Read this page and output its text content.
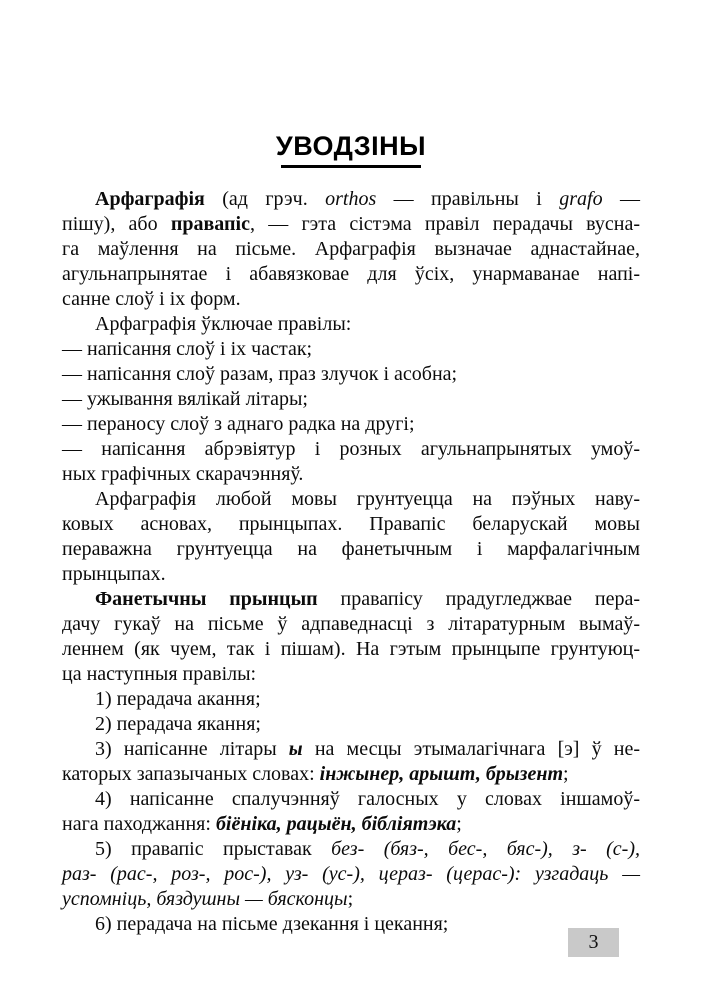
УВОДЗІНЫ
Арфаграфія (ад грэч. orthos — правільны і grafo —
пішу), або правапіс, — гэта сістэма правіл перадачы вусна-
га маўлення на пісьме. Арфаграфія вызначае аднастайнае,
агульнапрынятае і абавязковае для ўсіх, унармаванае напі-
санне слоў і іх форм.
Арфаграфія ўключае правілы:
— напісання слоў і іх частак;
— напісання слоў разам, праз злучок і асобна;
— ужывання вялікай літары;
— пераносу слоў з аднаго радка на другі;
— напісання абрэвіятур і розных агульнапрынятых умоў-
ных графічных скарачэнняў.
Арфаграфія любой мовы грунтуецца на пэўных наву-
ковых асновах, прынцыпах. Правапіс беларускай мовы
пераважна грунтуецца на фанетычным і марфалагічным
прынцыпах.
Фанетычны прынцып правапісу прадугледжвае пера-
дачу гукаў на пісьме ў адпаведнасці з літаратурным вымаў-
леннем (як чуем, так і пішам). На гэтым прынцыпе грунтуюц-
ца наступныя правілы:
1) перадача акання;
2) перадача якання;
3) напісанне літары ы на месцы этымалагічнага [э] ў не-
каторых запазычаных словах: інжынер, арышт, брызент;
4) напісанне спалучэнняў галосных у словах іншамоў-
нага паходжання: біёніка, рацыён, бібліятэка;
5) правапіс прыставак без- (бяз-, бес-, бяс-), з- (с-),
раз- (рас-, роз-, рос-), уз- (ус-), цераз- (церас-): узгадаць —
успомніць, бяздушны — бясконцы;
6) перадача на пісьме дзекання і цекання;
3
